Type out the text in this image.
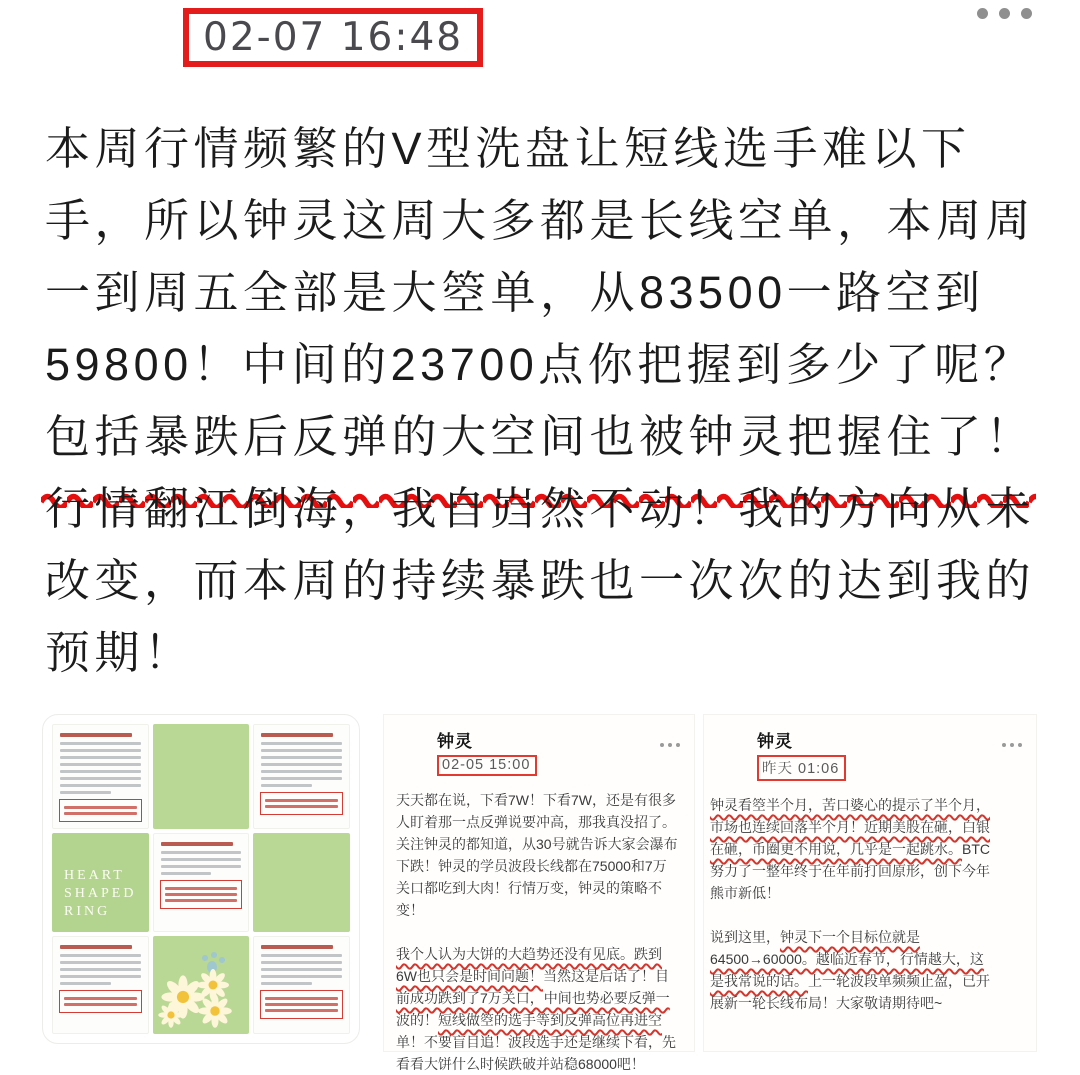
02-07 16:48
本周行情频繁的V型洗盘让短线选手难以下
手，所以钟灵这周大多都是长线空单，本周周
一到周五全部是大箜单，从83500一路空到
59800！中间的23700点你把握到多少了呢？
包括暴跌后反弹的大空间也被钟灵把握住了！
行情翻江倒海，我自岿然不动！我的方向从未
改变，而本周的持续暴跌也一次次的达到我的
预期！
HEART
SHAPED
RING
钟灵
02-05 15:00
天天都在说，下看7W！下看7W，还是有很多
人盯着那一点反弹说要冲高，那我真没招了。
关注钟灵的都知道，从30号就告诉大家会瀑布
下跌！钟灵的学员波段长线都在75000和7万
关口都吃到大肉！行情万变，钟灵的策略不
变！
我个人认为大饼的大趋势还没有见底。跌到
6W也只会是时间问题！当然这是后话了！目
前成功跌到了7万关口，中间也势必要反弹一
波的！短线做箜的选手等到反弹高位再进空
单！不要盲目追！波段选手还是继续下看，先
看看大饼什么时候跌破并站稳68000吧！
钟灵
昨天 01:06
钟灵看箜半个月，苦口婆心的提示了半个月，
市场也连续回落半个月！近期美股在砸，白银
在砸，币圈更不用说，几乎是一起跳水。BTC
努力了一整年终于在年前打回原形，创下今年
熊市新低！
说到这里，钟灵下一个目标位就是
64500→60000。越临近春节，行情越大，这
是我常说的话。上一轮波段单频频止盈，已开
展新一轮长线布局！大家敬请期待吧~
